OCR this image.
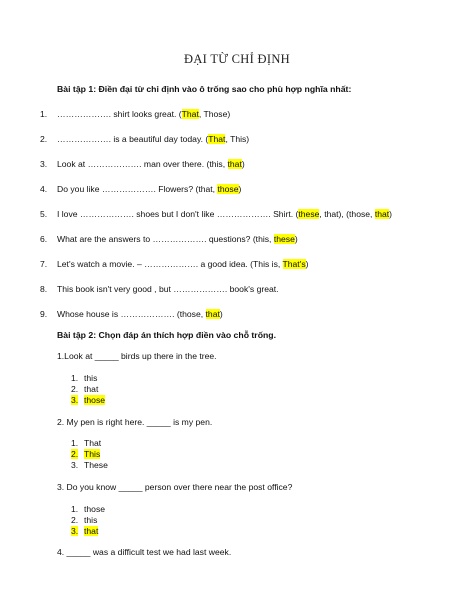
ĐẠI TỪ CHỈ ĐỊNH
Bài tập 1: Điền đại từ chỉ định vào ô trống sao cho phù hợp nghĩa nhất:
1. ………………. shirt looks great. (That, Those)
2. ………………. is a beautiful day today. (That, This)
3. Look at ………………. man over there. (this, that)
4. Do you like ………………. Flowers? (that, those)
5. I love ………………. shoes but I don't like ………………. Shirt. (these, that), (those, that)
6. What are the answers to ………………. questions? (this, these)
7. Let's watch a movie. – ………………. a good idea. (This is, That's)
8. This book isn't very good , but ………………. book's great.
9. Whose house is ………………. (those, that)
Bài tập 2: Chọn đáp án thích hợp điền vào chỗ trống.
1.Look at _____ birds up there in the tree.
1. this
2. that
3. those
2. My pen is right here. _____ is my pen.
1. That
2. This
3. These
3. Do you know _____ person over there near the post office?
1. those
2. this
3. that
4. _____ was a difficult test we had last week.
